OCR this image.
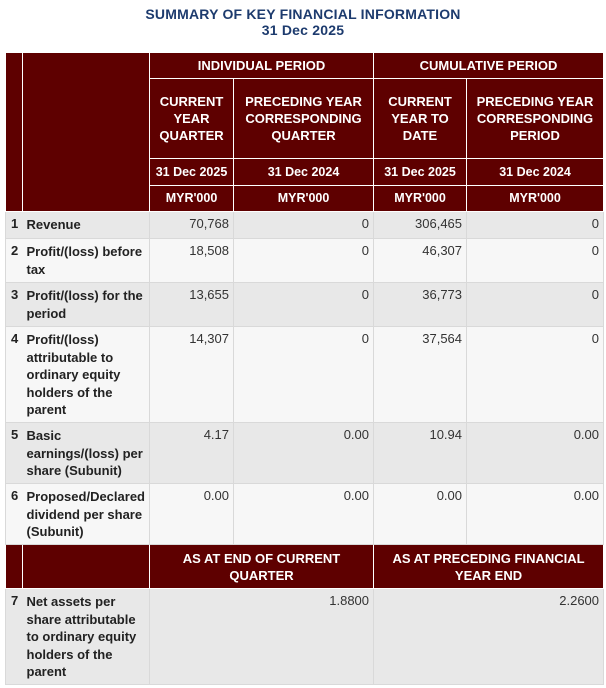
SUMMARY OF KEY FINANCIAL INFORMATION
31 Dec 2025
		INDIVIDUAL PERIOD		CUMULATIVE PERIOD	
		CURRENT YEAR QUARTER	PRECEDING YEAR CORRESPONDING QUARTER	CURRENT YEAR TO DATE	PRECEDING YEAR CORRESPONDING PERIOD
		31 Dec 2025	31 Dec 2024	31 Dec 2025	31 Dec 2024
		MYR'000	MYR'000	MYR'000	MYR'000
1	Revenue	70,768	0	306,465	0
2	Profit/(loss) before tax	18,508	0	46,307	0
3	Profit/(loss) for the period	13,655	0	36,773	0
4	Profit/(loss) attributable to ordinary equity holders of the parent	14,307	0	37,564	0
5	Basic earnings/(loss) per share (Subunit)	4.17	0.00	10.94	0.00
6	Proposed/Declared dividend per share (Subunit)	0.00	0.00	0.00	0.00
		AS AT END OF CURRENT QUARTER		AS AT PRECEDING FINANCIAL YEAR END	
7	Net assets per share attributable to ordinary equity holders of the parent	1.8800		2.2600	
